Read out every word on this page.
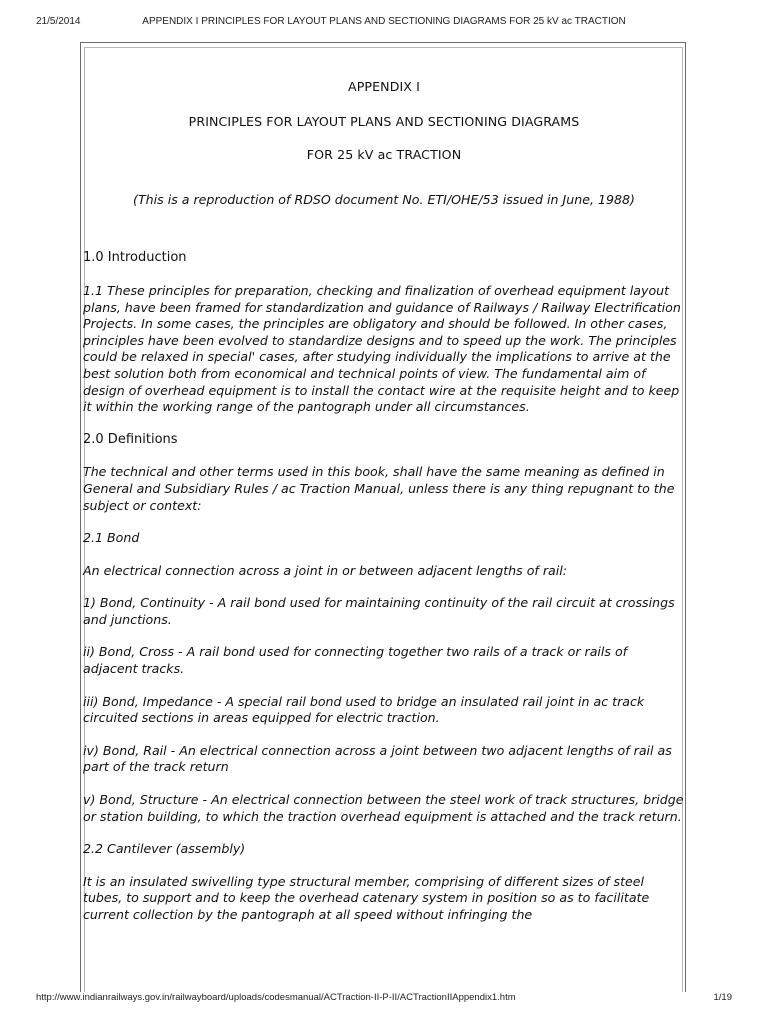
21/5/2014	APPENDIX I PRINCIPLES FOR LAYOUT PLANS AND SECTIONING DIAGRAMS FOR 25 kV ac TRACTION
APPENDIX I
PRINCIPLES FOR LAYOUT PLANS AND SECTIONING DIAGRAMS
FOR 25 kV ac TRACTION
(This is a reproduction of RDSO document No. ETI/OHE/53 issued in June, 1988)
1.0 Introduction

1.1 These principles for preparation, checking and finalization of overhead equipment layout plans, have been framed for standardization and guidance of Railways / Railway Electrification Projects. In some cases, the principles are obligatory and should be followed. In other cases, principles have been evolved to standardize designs and to speed up the work. The principles could be relaxed in special' cases, after studying individually the implications to arrive at the best solution both from economical and technical points of view. The fundamental aim of design of overhead equipment is to install the contact wire at the requisite height and to keep it within the working range of the pantograph under all circumstances.

2.0 Definitions

The technical and other terms used in this book, shall have the same meaning as defined in General and Subsidiary Rules / ac Traction Manual, unless there is any thing repugnant to the subject or context:

2.1 Bond

An electrical connection across a joint in or between adjacent lengths of rail:

1) Bond, Continuity - A rail bond used for maintaining continuity of the rail circuit at crossings and junctions.

ii) Bond, Cross - A rail bond used for connecting together two rails of a track or rails of adjacent tracks.

iii) Bond, Impedance - A special rail bond used to bridge an insulated rail joint in ac track circuited sections in areas equipped for electric traction.

iv) Bond, Rail - An electrical connection across a joint between two adjacent lengths of rail as part of the track return

v) Bond, Structure - An electrical connection between the steel work of track structures, bridge or station building, to which the traction overhead equipment is attached and the track return.

2.2 Cantilever (assembly)

It is an insulated swivelling type structural member, comprising of different sizes of steel tubes, to support and to keep the overhead catenary system in position so as to facilitate current collection by the pantograph at all speed without infringing the

http://www.indianrailways.gov.in/railwayboard/uploads/codesmanual/ACTraction-II-P-II/ACTractionIIAppendix1.htm	1/19
